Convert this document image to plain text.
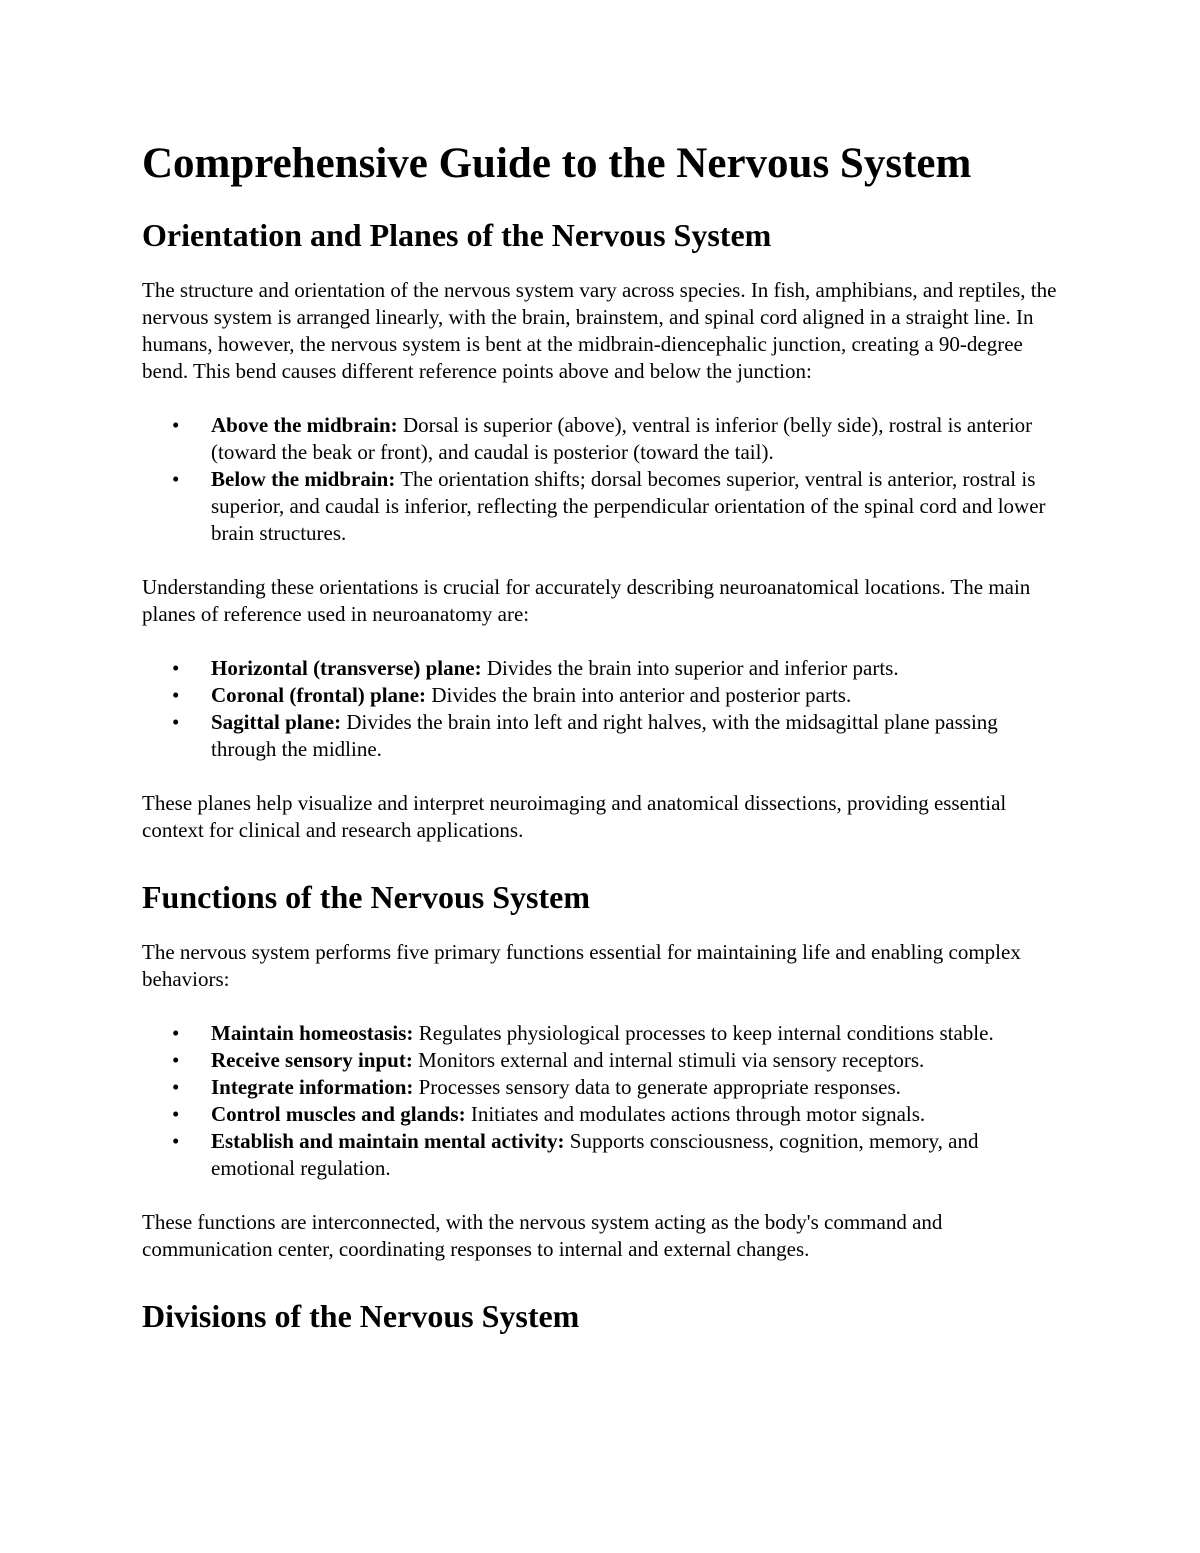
Comprehensive Guide to the Nervous System
Orientation and Planes of the Nervous System

The structure and orientation of the nervous system vary across species. In fish, amphibians, and reptiles, the nervous system is arranged linearly, with the brain, brainstem, and spinal cord aligned in a straight line. In humans, however, the nervous system is bent at the midbrain-diencephalic junction, creating a 90-degree bend. This bend causes different reference points above and below the junction:

• Above the midbrain: Dorsal is superior (above), ventral is inferior (belly side), rostral is anterior (toward the beak or front), and caudal is posterior (toward the tail).
• Below the midbrain: The orientation shifts; dorsal becomes superior, ventral is anterior, rostral is superior, and caudal is inferior, reflecting the perpendicular orientation of the spinal cord and lower brain structures.

Understanding these orientations is crucial for accurately describing neuroanatomical locations. The main planes of reference used in neuroanatomy are:

• Horizontal (transverse) plane: Divides the brain into superior and inferior parts.
• Coronal (frontal) plane: Divides the brain into anterior and posterior parts.
• Sagittal plane: Divides the brain into left and right halves, with the midsagittal plane passing through the midline.

These planes help visualize and interpret neuroimaging and anatomical dissections, providing essential context for clinical and research applications.

Functions of the Nervous System

The nervous system performs five primary functions essential for maintaining life and enabling complex behaviors:

• Maintain homeostasis: Regulates physiological processes to keep internal conditions stable.
• Receive sensory input: Monitors external and internal stimuli via sensory receptors.
• Integrate information: Processes sensory data to generate appropriate responses.
• Control muscles and glands: Initiates and modulates actions through motor signals.
• Establish and maintain mental activity: Supports consciousness, cognition, memory, and emotional regulation.

These functions are interconnected, with the nervous system acting as the body's command and communication center, coordinating responses to internal and external changes.

Divisions of the Nervous System
